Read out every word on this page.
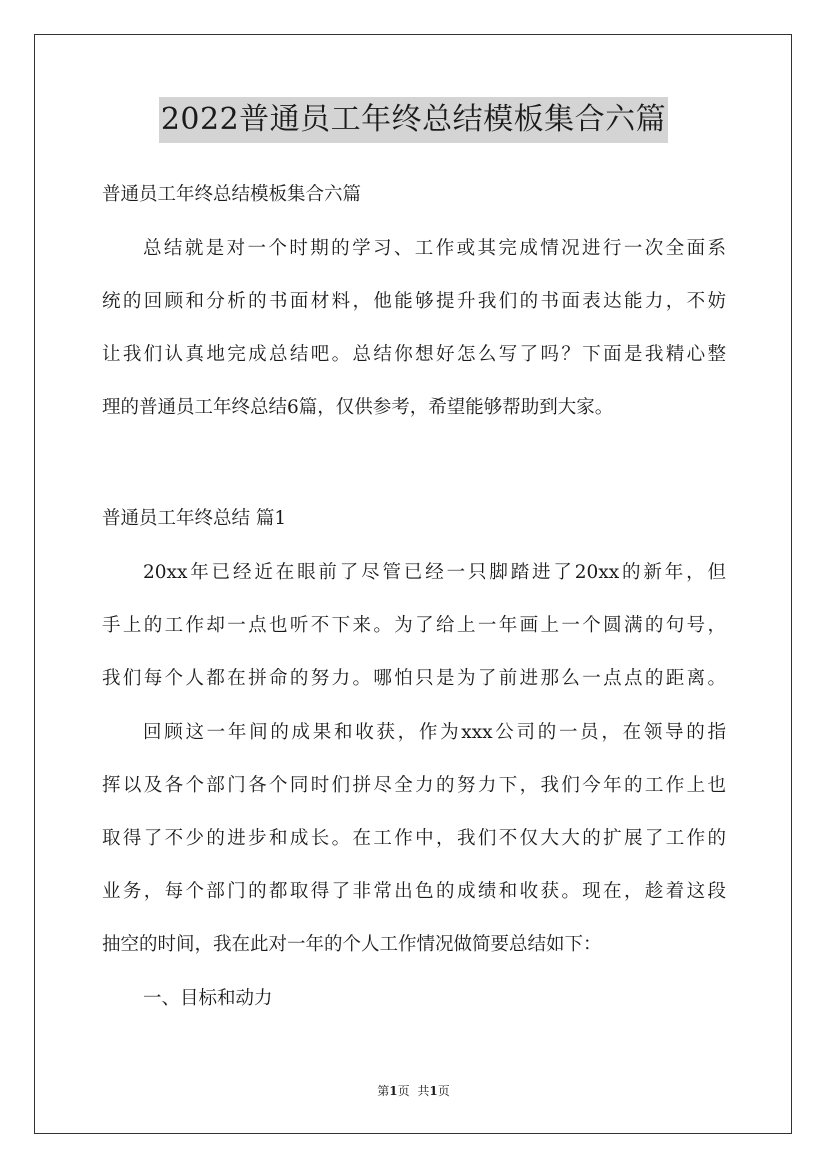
2022普通员工年终总结模板集合六篇
普通员工年终总结模板集合六篇
总结就是对一个时期的学习、工作或其完成情况进行一次全面系
统的回顾和分析的书面材料，他能够提升我们的书面表达能力，不妨
让我们认真地完成总结吧。总结你想好怎么写了吗？下面是我精心整
理的普通员工年终总结6篇，仅供参考，希望能够帮助到大家。
普通员工年终总结 篇1
20xx年已经近在眼前了尽管已经一只脚踏进了20xx的新年，但
手上的工作却一点也听不下来。为了给上一年画上一个圆满的句号，
我们每个人都在拼命的努力。哪怕只是为了前进那么一点点的距离。
回顾这一年间的成果和收获，作为xxx公司的一员，在领导的指
挥以及各个部门各个同时们拼尽全力的努力下，我们今年的工作上也
取得了不少的进步和成长。在工作中，我们不仅大大的扩展了工作的
业务，每个部门的都取得了非常出色的成绩和收获。现在，趁着这段
抽空的时间，我在此对一年的个人工作情况做简要总结如下：
一、目标和动力
第1页 共1页
